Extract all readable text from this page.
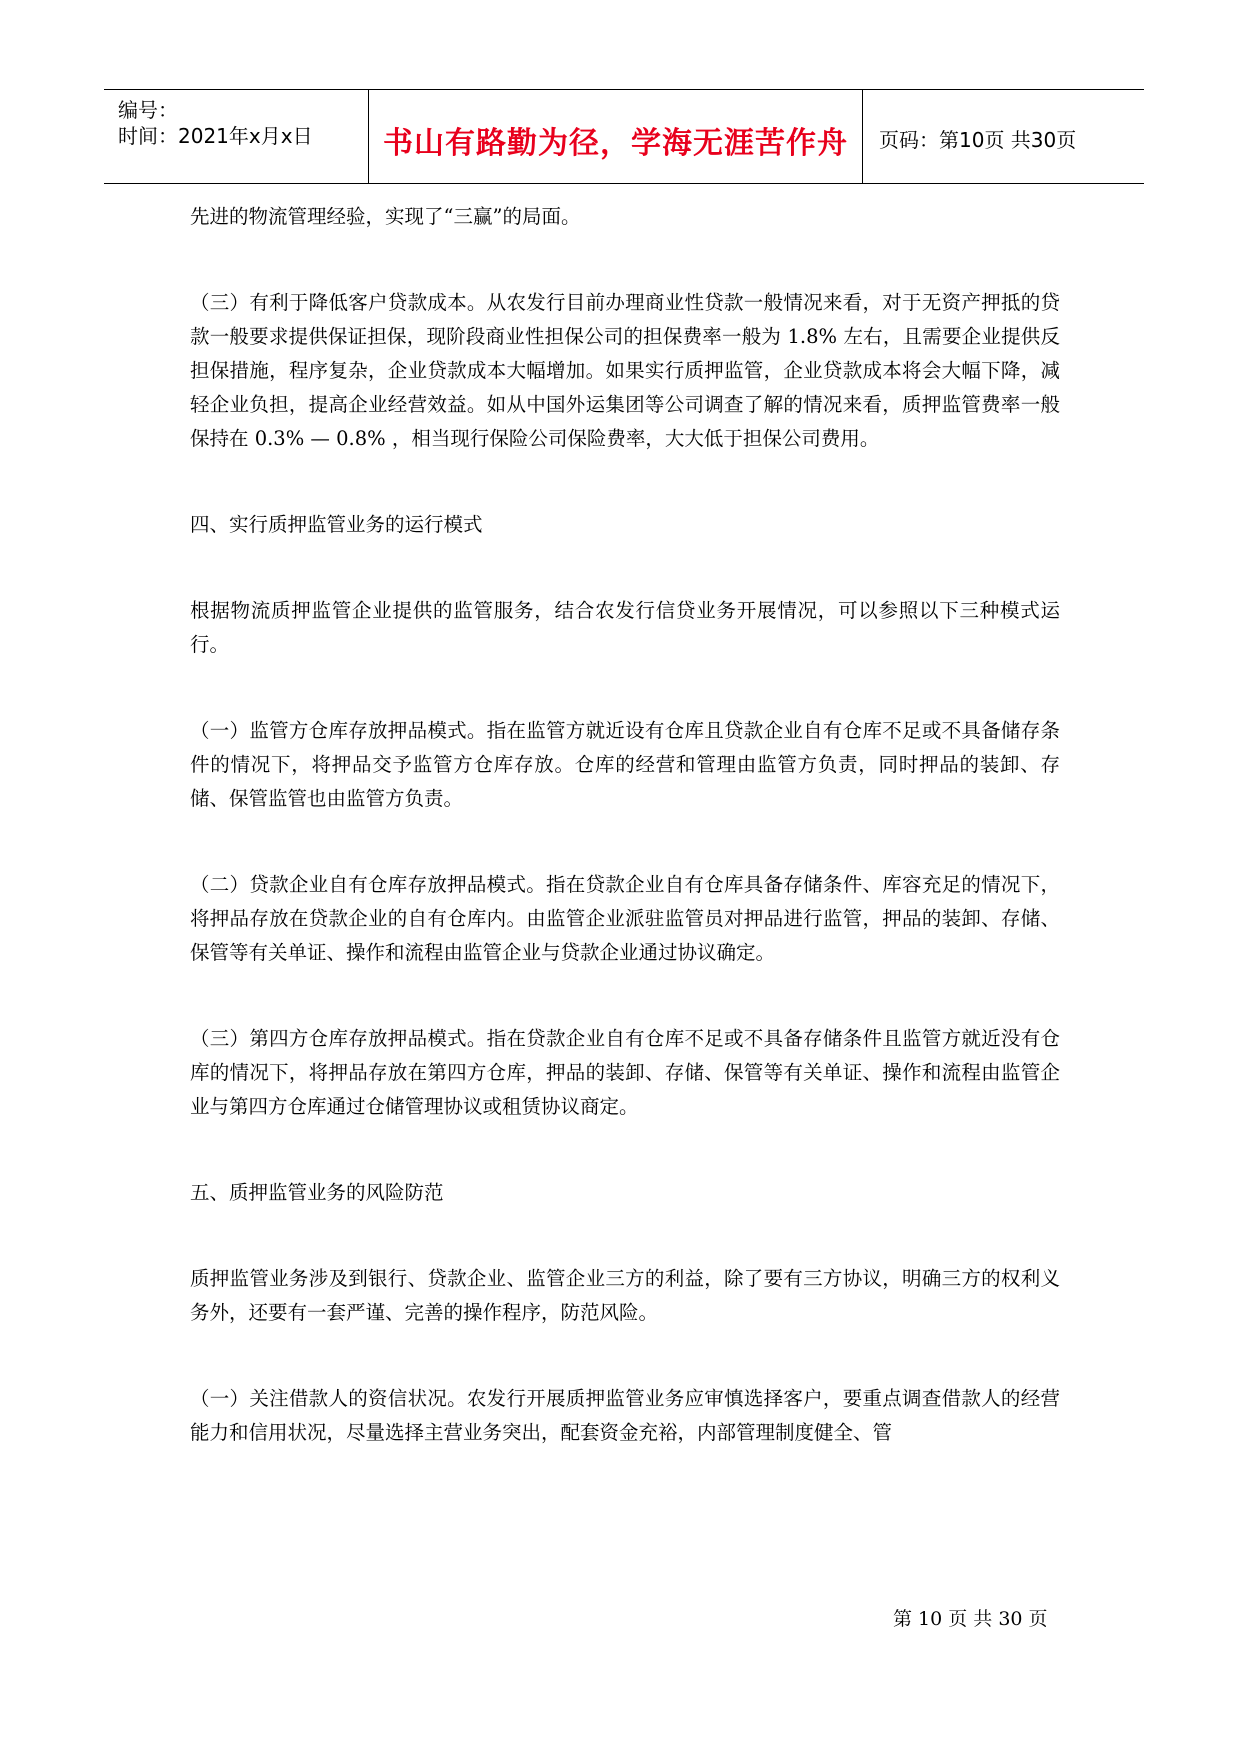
编号：
时间：2021年x月x日	书山有路勤为径，学海无涯苦作舟	页码：第10页 共30页

先进的物流管理经验，实现了“三赢”的局面。

（三）有利于降低客户贷款成本。从农发行目前办理商业性贷款一般情况来看，对于无资产押抵的贷款一般要求提供保证担保，现阶段商业性担保公司的担保费率一般为 1.8% 左右，且需要企业提供反担保措施，程序复杂，企业贷款成本大幅增加。如果实行质押监管，企业贷款成本将会大幅下降，减轻企业负担，提高企业经营效益。如从中国外运集团等公司调查了解的情况来看，质押监管费率一般保持在 0.3% — 0.8% ，相当现行保险公司保险费率，大大低于担保公司费用。

四、实行质押监管业务的运行模式

根据物流质押监管企业提供的监管服务，结合农发行信贷业务开展情况，可以参照以下三种模式运行。

（一）监管方仓库存放押品模式。指在监管方就近设有仓库且贷款企业自有仓库不足或不具备储存条件的情况下，将押品交予监管方仓库存放。仓库的经营和管理由监管方负责，同时押品的装卸、存储、保管监管也由监管方负责。

（二）贷款企业自有仓库存放押品模式。指在贷款企业自有仓库具备存储条件、库容充足的情况下，将押品存放在贷款企业的自有仓库内。由监管企业派驻监管员对押品进行监管，押品的装卸、存储、保管等有关单证、操作和流程由监管企业与贷款企业通过协议确定。

（三）第四方仓库存放押品模式。指在贷款企业自有仓库不足或不具备存储条件且监管方就近没有仓库的情况下，将押品存放在第四方仓库，押品的装卸、存储、保管等有关单证、操作和流程由监管企业与第四方仓库通过仓储管理协议或租赁协议商定。

五、质押监管业务的风险防范

质押监管业务涉及到银行、贷款企业、监管企业三方的利益，除了要有三方协议，明确三方的权利义务外，还要有一套严谨、完善的操作程序，防范风险。

（一）关注借款人的资信状况。农发行开展质押监管业务应审慎选择客户，要重点调查借款人的经营能力和信用状况，尽量选择主营业务突出，配套资金充裕，内部管理制度健全、管

第 10 页 共 30 页
